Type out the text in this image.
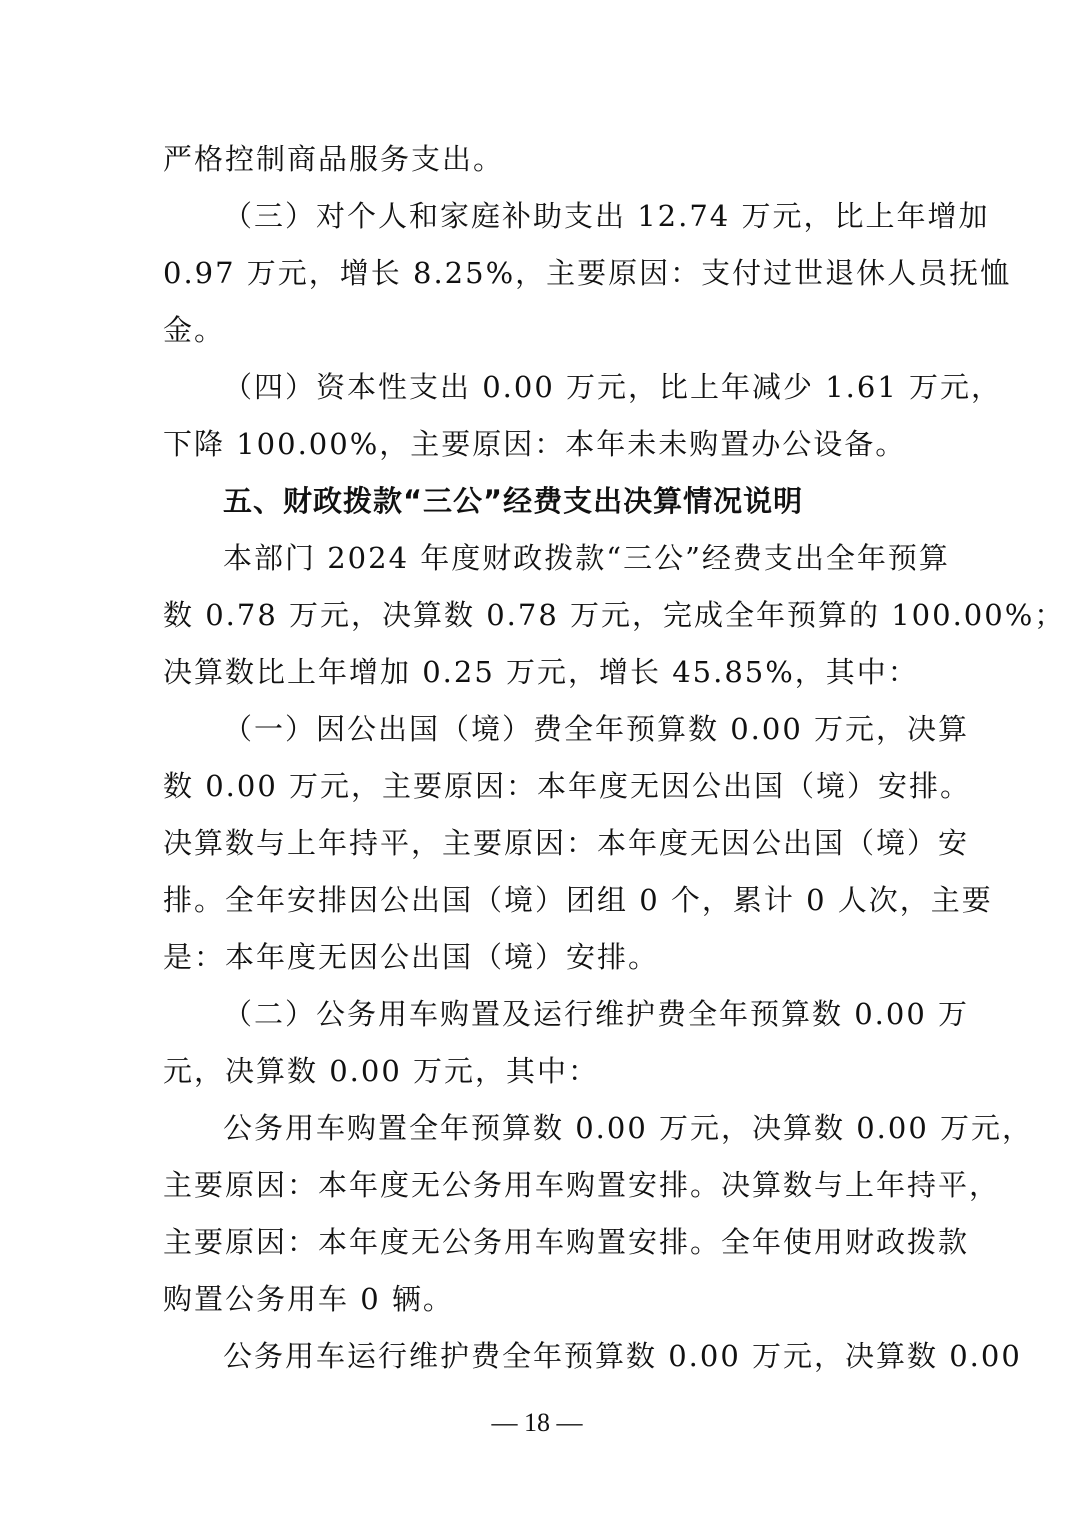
严格控制商品服务支出。
（三）对个人和家庭补助支出 12.74 万元，比上年增加
0.97 万元，增长 8.25%，主要原因：支付过世退休人员抚恤
金。
（四）资本性支出 0.00 万元，比上年减少 1.61 万元，
下降 100.00%，主要原因：本年未未购置办公设备。
五、财政拨款“三公”经费支出决算情况说明
本部门 2024 年度财政拨款“三公”经费支出全年预算
数 0.78 万元，决算数 0.78 万元，完成全年预算的 100.00%；
决算数比上年增加 0.25 万元，增长 45.85%，其中：
（一）因公出国（境）费全年预算数 0.00 万元，决算
数 0.00 万元，主要原因：本年度无因公出国（境）安排。
决算数与上年持平，主要原因：本年度无因公出国（境）安
排。全年安排因公出国（境）团组 0 个，累计 0 人次，主要
是：本年度无因公出国（境）安排。
（二）公务用车购置及运行维护费全年预算数 0.00 万
元，决算数 0.00 万元，其中：
公务用车购置全年预算数 0.00 万元，决算数 0.00 万元，
主要原因：本年度无公务用车购置安排。决算数与上年持平，
主要原因：本年度无公务用车购置安排。全年使用财政拨款
购置公务用车 0 辆。
公务用车运行维护费全年预算数 0.00 万元，决算数 0.00
— 18 —
